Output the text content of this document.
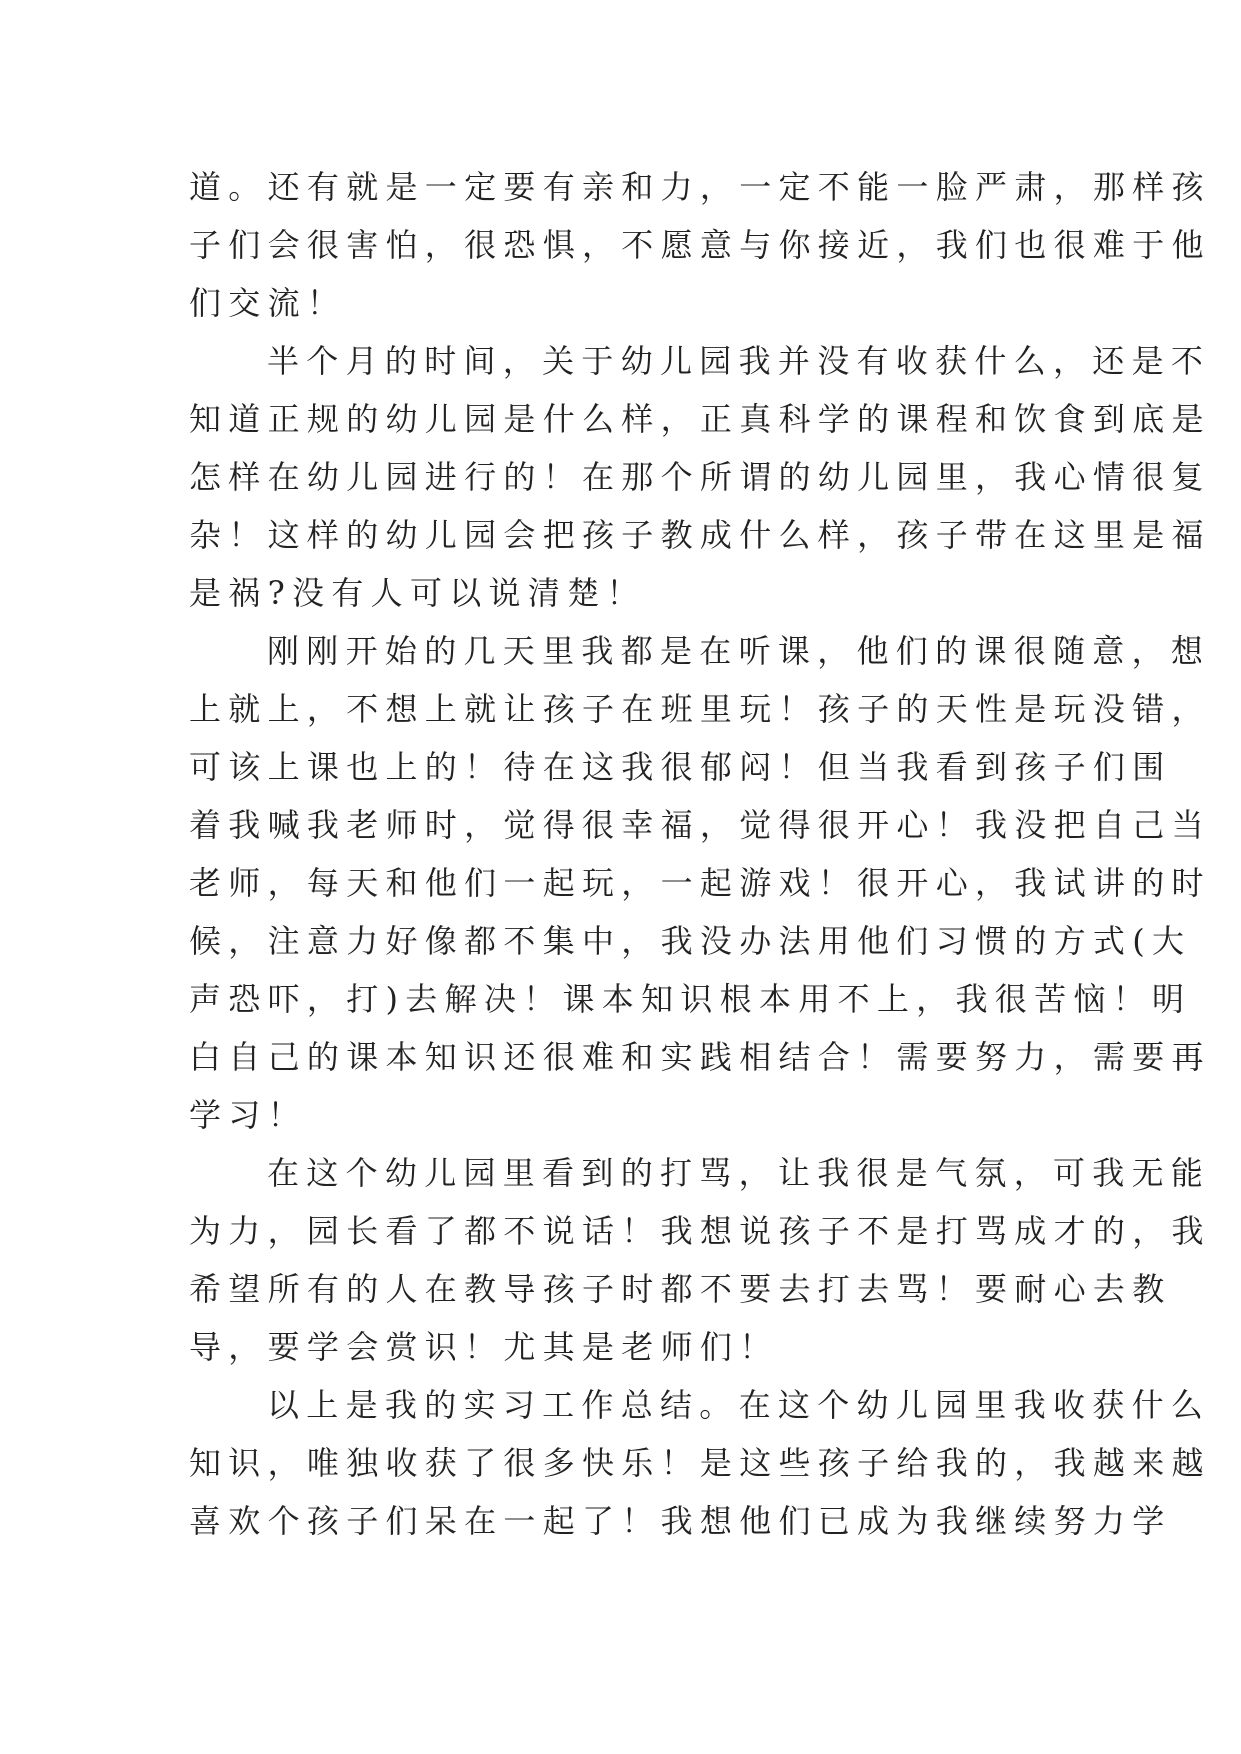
道。还有就是一定要有亲和力，一定不能一脸严肃，那样孩
子们会很害怕，很恐惧，不愿意与你接近，我们也很难于他
们交流！
半个月的时间，关于幼儿园我并没有收获什么，还是不
知道正规的幼儿园是什么样，正真科学的课程和饮食到底是
怎样在幼儿园进行的！在那个所谓的幼儿园里，我心情很复
杂！这样的幼儿园会把孩子教成什么样，孩子带在这里是福
是祸?没有人可以说清楚！
刚刚开始的几天里我都是在听课，他们的课很随意，想
上就上，不想上就让孩子在班里玩！孩子的天性是玩没错，
可该上课也上的！待在这我很郁闷！但当我看到孩子们围
着我喊我老师时，觉得很幸福，觉得很开心！我没把自己当
老师，每天和他们一起玩，一起游戏！很开心，我试讲的时
候，注意力好像都不集中，我没办法用他们习惯的方式(大
声恐吓，打)去解决！课本知识根本用不上，我很苦恼！明
白自己的课本知识还很难和实践相结合！需要努力，需要再
学习！
在这个幼儿园里看到的打骂，让我很是气氛，可我无能
为力，园长看了都不说话！我想说孩子不是打骂成才的，我
希望所有的人在教导孩子时都不要去打去骂！要耐心去教
导，要学会赏识！尤其是老师们！
以上是我的实习工作总结。在这个幼儿园里我收获什么
知识，唯独收获了很多快乐！是这些孩子给我的，我越来越
喜欢个孩子们呆在一起了！我想他们已成为我继续努力学
